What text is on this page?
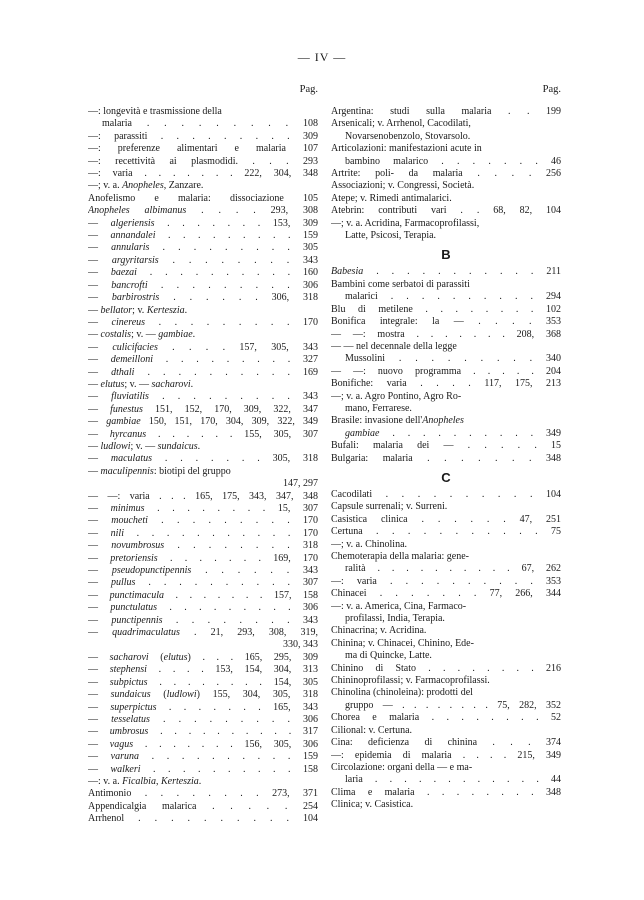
— IV —
Pag.
—: longevità e trasmissione della
malaria . . . . . . . . . 108
—: parassiti . . . . . . . . . 309
—: preferenze alimentari e malaria 107
—: recettività ai plasmodidi. . . . 293
—: varia . . . . . . . 222, 304, 348
—; v. a. Anopheles, Zanzare.
Anofelismo e malaria: dissociazione 105
Anopheles albimanus . . . . 293, 308
— algeriensis . . . . . . . 153, 309
— annandalei . . . . . . . . . 159
— annularis . . . . . . . . . 305
— argyritarsis . . . . . . . . 343
— baezai . . . . . . . . . . 160
— bancrofti . . . . . . . . . 306
— barbirostris . . . . . . 306, 318
— bellator; v. Kerteszia.
— cinereus . . . . . . . . . 170
— costalis; v. — gambiae.
— culicifacies . . . . 157, 305, 343
— demeilloni . . . . . . . . . 327
— dthali . . . . . . . . . . 169
— elutus; v. — sacharovi.
— fluviatilis . . . . . . . . . 343
— funestus 151, 152, 170, 309, 322, 347
— gambiae 150, 151, 170, 304, 309, 322, 349
— hyrcanus . . . . . . 155, 305, 307
— ludlowi; v. — sundaicus.
— maculatus . . . . . . . 305, 318
— maculipennis: biotipi del gruppo
147, 297
— —: varia . . . 165, 175, 343, 347, 348
— minimus . . . . . . . . 15, 307
— moucheti . . . . . . . . . 170
— nili . . . . . . . . . . . 170
— novumbrosus . . . . . . . . 318
— pretoriensis . . . . . . . 169, 170
— pseudopunctipennis . . . . . . 343
— pullus . . . . . . . . . . 307
— punctimacula . . . . . . . 157, 158
— punctulatus . . . . . . . . . 306
— punctipennis . . . . . . . . 343
— quadrimaculatus . 21, 293, 308, 319,
330, 343
— sacharovi (elutus) . . . 165, 295, 309
— stephensi . . . . 153, 154, 304, 313
— subpictus . . . . . . . . 154, 305
— sundaicus (ludlowi) 155, 304, 305, 318
— superpictus . . . . . . . 165, 343
— tesselatus . . . . . . . . . 306
— umbrosus . . . . . . . . . . 317
— vagus . . . . . . . 156, 305, 306
— varuna . . . . . . . . . . 159
— walkeri . . . . . . . . . . 158
—: v. a. Ficalbia, Kerteszia.
Antimonio . . . . . . . . 273, 371
Appendicalgia malarica . . . . . 254
Arrhenol . . . . . . . . . . 104
Pag.
Argentina: studi sulla malaria . . 199
Arsenicali; v. Arrhenol, Cacodilati,
Novarsenobenzolo, Stovarsolo.
Articolazioni: manifestazioni acute in
bambino malarico . . . . . . . 46
Artrite: poli- da malaria . . . . 256
Associazioni; v. Congressi, Società.
Atepe; v. Rimedi antimalarici.
Atebrin: contributi vari . . 68, 82, 104
—; v. a. Acridina, Farmacoprofilassi,
Latte, Psicosi, Terapia.
B
Babesia . . . . . . . . . . . 211
Bambini come serbatoi di parassiti
malarici . . . . . . . . . . 294
Blu di metilene . . . . . . . . 102
Bonifica integrale: la — . . . . 353
— —: mostra . . . . . . . 208, 368
— — nel decennale della legge
Mussolini . . . . . . . . . 340
— —: nuovo programma . . . . . 204
Bonifiche: varia . . . . 117, 175, 213
—; v. a. Agro Pontino, Agro Ro-
mano, Ferrarese.
Brasile: invasione dell'Anopheles
gambiae . . . . . . . . . . 349
Bufali: malaria dei — . . . . . 15
Bulgaria: malaria . . . . . . . 348
C
Cacodilati . . . . . . . . . . 104
Capsule surrenali; v. Surreni.
Casistica clinica . . . . . . 47, 251
Certuna . . . . . . . . . . . 75
—; v. a. Chinolina.
Chemoterapia della malaria: gene-
ralità . . . . . . . . . . 67, 262
—: varia . . . . . . . . . . 353
Chinacei . . . . . . . 77, 266, 344
—: v. a. America, Cina, Farmaco-
profilassi, India, Terapia.
Chinacrina; v. Acridina.
Chinina; v. Chinacei, Chinino, Ede-
ma di Quincke, Latte.
Chinino di Stato . . . . . . . . 216
Chininoprofilassi; v. Farmacoprofilassi.
Chinolina (chinoleina): prodotti del
gruppo — . . . . . . . . 75, 282, 352
Chorea e malaria . . . . . . . . 52
Cilional: v. Certuna.
Cina: deficienza di chinina . . . 374
—: epidemia di malaria . . . . 215, 349
Circolazione: organi della — e ma-
laria . . . . . . . . . . . . 44
Clima e malaria . . . . . . . . 348
Clinica; v. Casistica.
